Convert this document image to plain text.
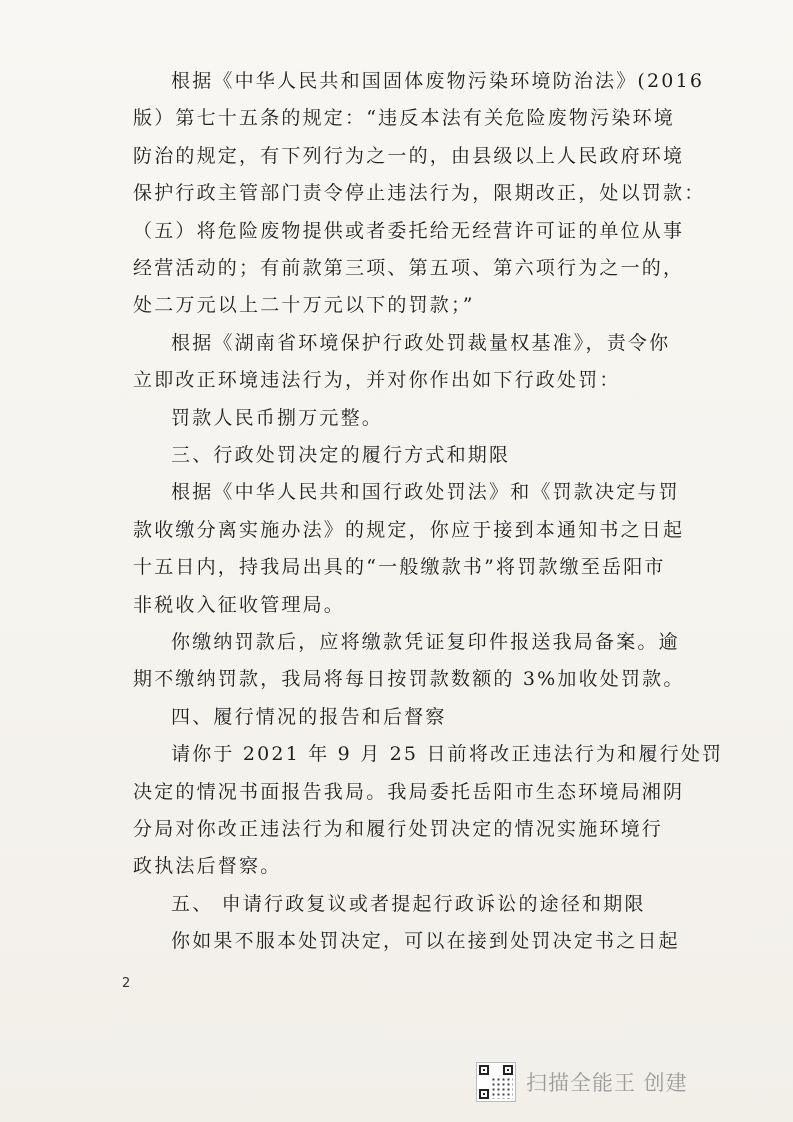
根据《中华人民共和国固体废物污染环境防治法》(2016
版）第七十五条的规定：“违反本法有关危险废物污染环境
防治的规定，有下列行为之一的，由县级以上人民政府环境
保护行政主管部门责令停止违法行为，限期改正，处以罚款：
（五）将危险废物提供或者委托给无经营许可证的单位从事
经营活动的；有前款第三项、第五项、第六项行为之一的，
处二万元以上二十万元以下的罚款；”
根据《湖南省环境保护行政处罚裁量权基准》，责令你
立即改正环境违法行为，并对你作出如下行政处罚：
罚款人民币捌万元整。
三、行政处罚决定的履行方式和期限
根据《中华人民共和国行政处罚法》和《罚款决定与罚
款收缴分离实施办法》的规定，你应于接到本通知书之日起
十五日内，持我局出具的“一般缴款书”将罚款缴至岳阳市
非税收入征收管理局。
你缴纳罚款后，应将缴款凭证复印件报送我局备案。逾
期不缴纳罚款，我局将每日按罚款数额的 3%加收处罚款。
四、履行情况的报告和后督察
请你于 2021 年 9 月 25 日前将改正违法行为和履行处罚
决定的情况书面报告我局。我局委托岳阳市生态环境局湘阴
分局对你改正违法行为和履行处罚决定的情况实施环境行
政执法后督察。
五、 申请行政复议或者提起行政诉讼的途径和期限
你如果不服本处罚决定，可以在接到处罚决定书之日起
2
扫描全能王 创建
